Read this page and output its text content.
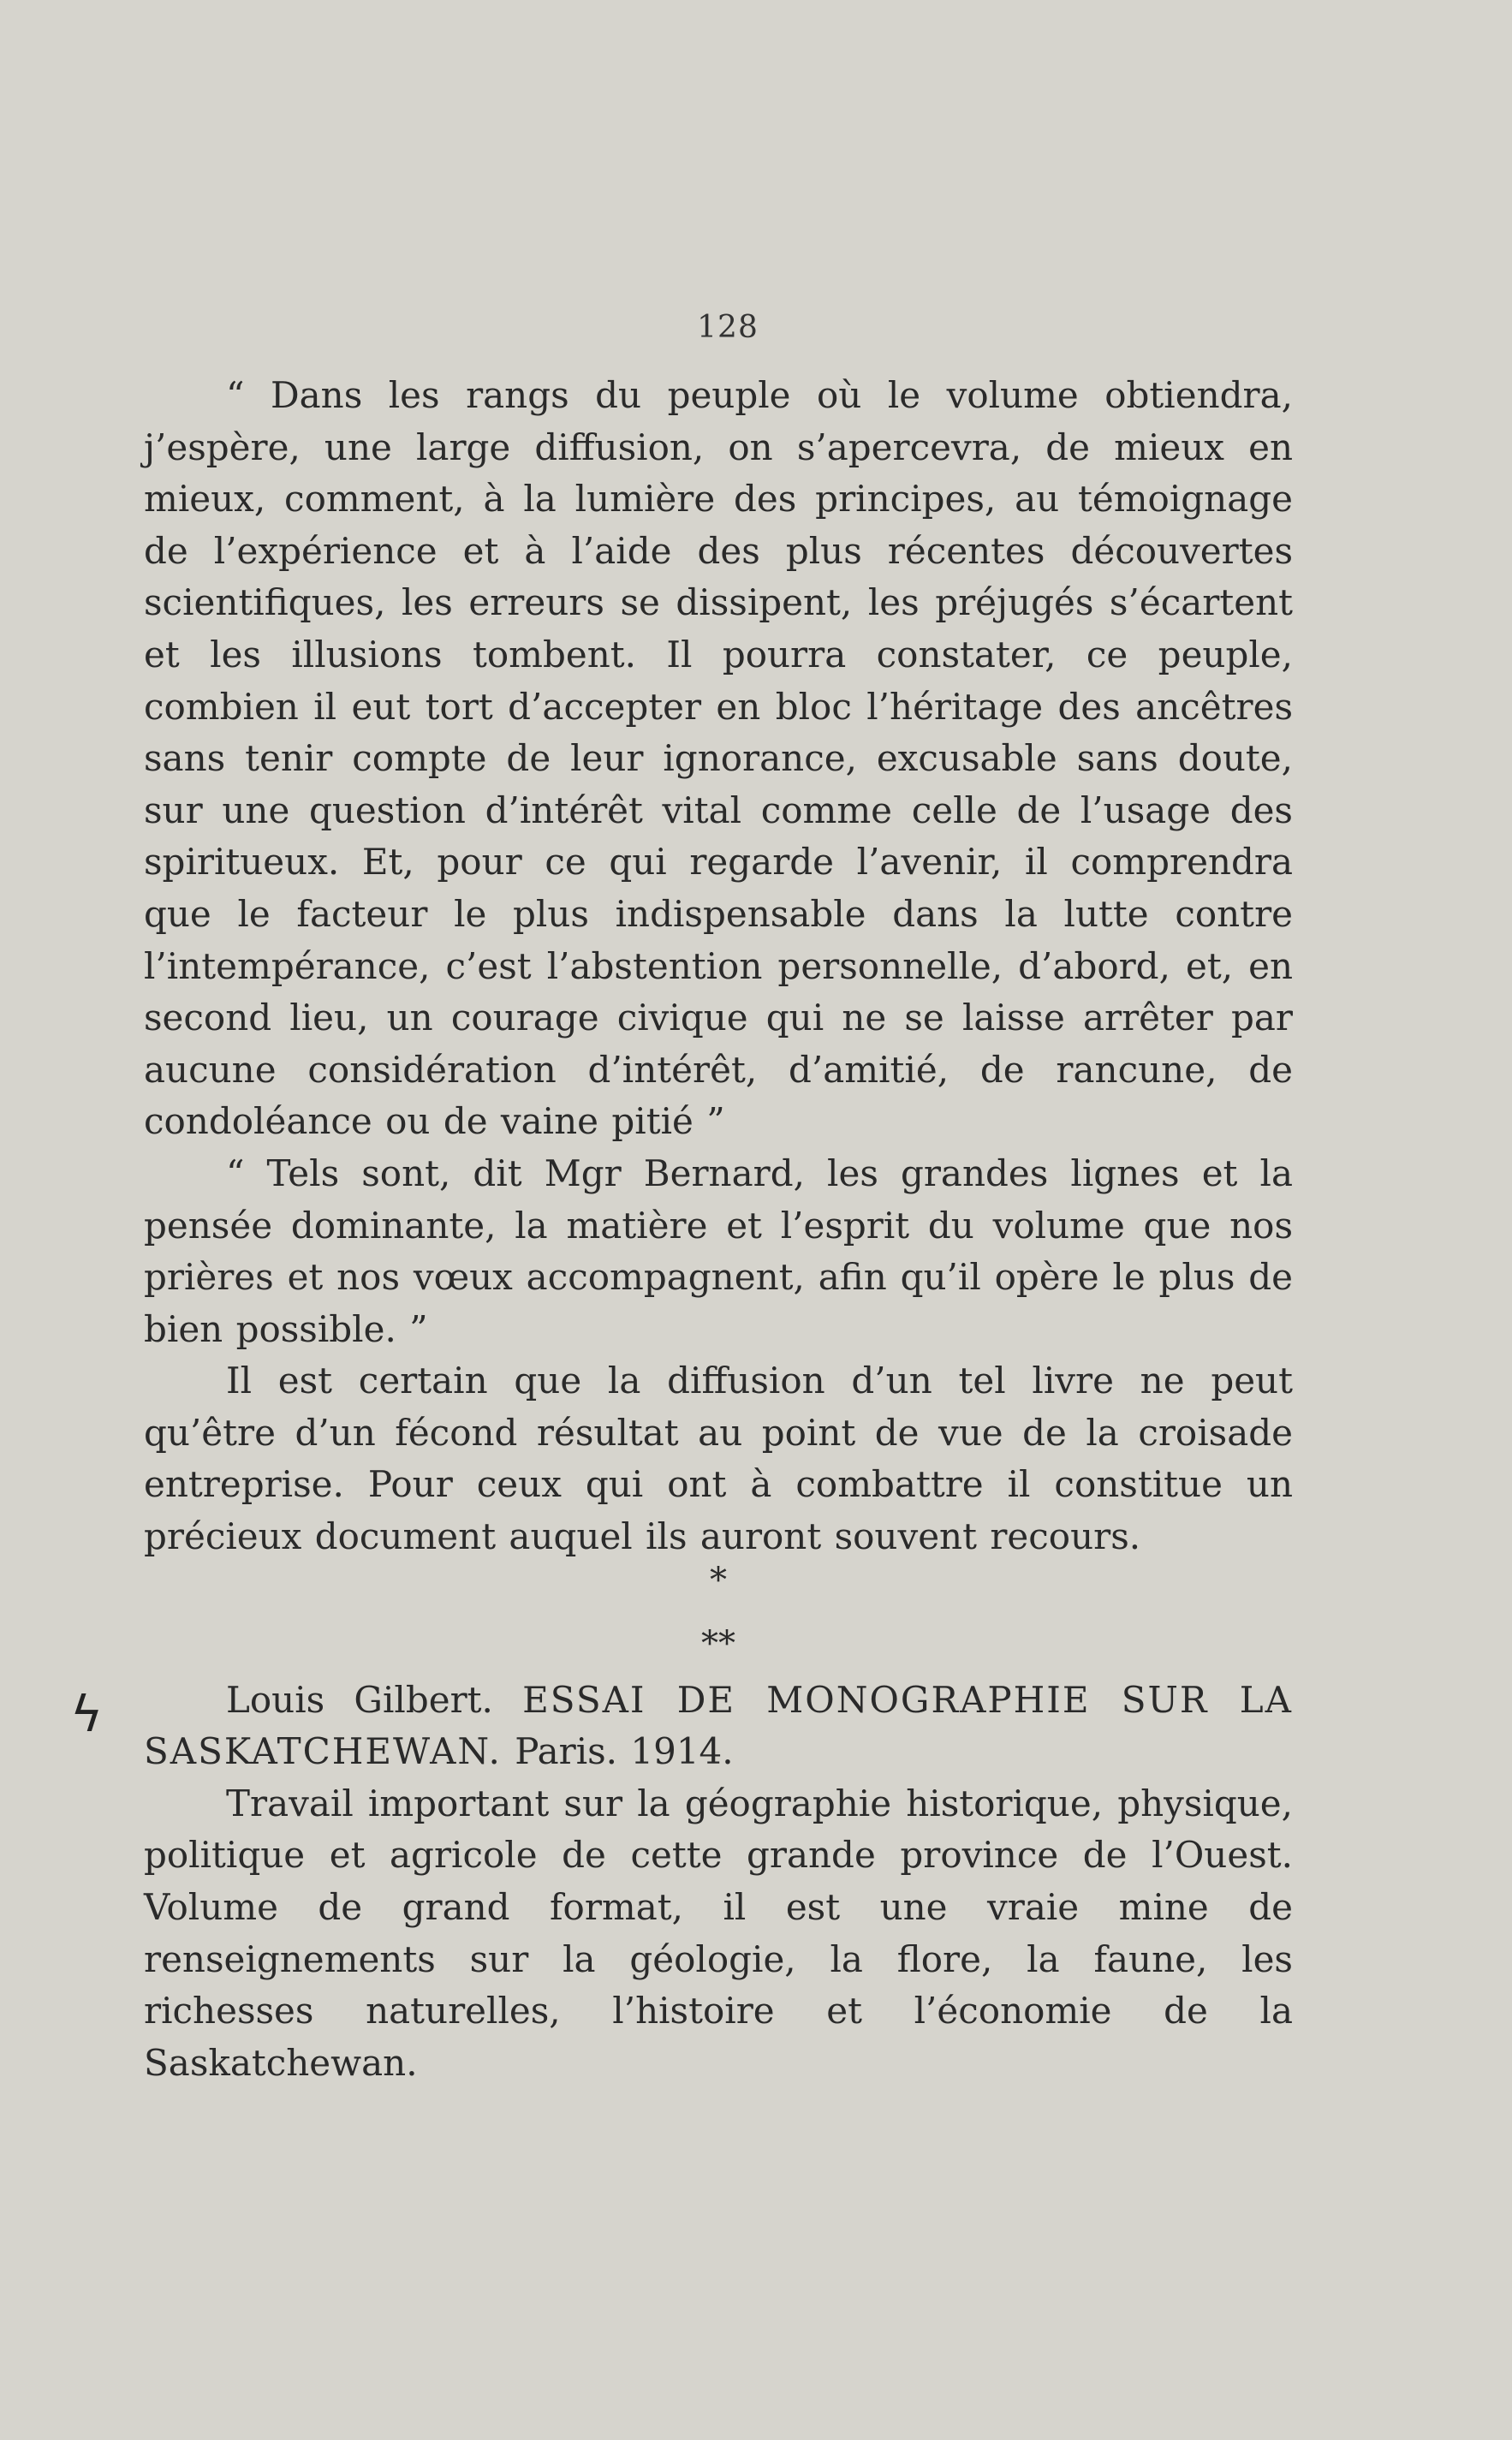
128
ϟ

“ Dans les rangs du peuple où le volume obtiendra, j’espère, une large diffusion, on s’apercevra, de mieux en mieux, comment, à la lumière des principes, au témoignage de l’expérience et à l’aide des plus récentes découvertes scientifiques, les erreurs se dissipent, les préjugés s’écartent et les illusions tombent. Il pourra constater, ce peuple, combien il eut tort d’accepter en bloc l’héritage des ancêtres sans tenir compte de leur ignorance, excusable sans doute, sur une question d’intérêt vital comme celle de l’usage des spiritueux. Et, pour ce qui regarde l’avenir, il comprendra que le facteur le plus indispensable dans la lutte contre l’intempérance, c’est l’abstention personnelle, d’abord, et, en second lieu, un courage civique qui ne se laisse arrêter par aucune considération d’intérêt, d’amitié, de rancune, de condoléance ou de vaine pitié ”

“ Tels sont, dit Mgr Bernard, les grandes lignes et la pensée dominante, la matière et l’esprit du volume que nos prières et nos vœux accompagnent, afin qu’il opère le plus de bien possible. ”

Il est certain que la diffusion d’un tel livre ne peut qu’être d’un fécond résultat au point de vue de la croisade entreprise. Pour ceux qui ont à combattre il constitue un précieux document auquel ils auront souvent recours.

*
**

Louis Gilbert. ESSAI DE MONOGRAPHIE SUR LA SASKATCHEWAN. Paris. 1914.

Travail important sur la géographie historique, physique, politique et agricole de cette grande province de l’Ouest. Volume de grand format, il est une vraie mine de renseignements sur la géologie, la flore, la faune, les richesses naturelles, l’histoire et l’économie de la Saskatchewan.
